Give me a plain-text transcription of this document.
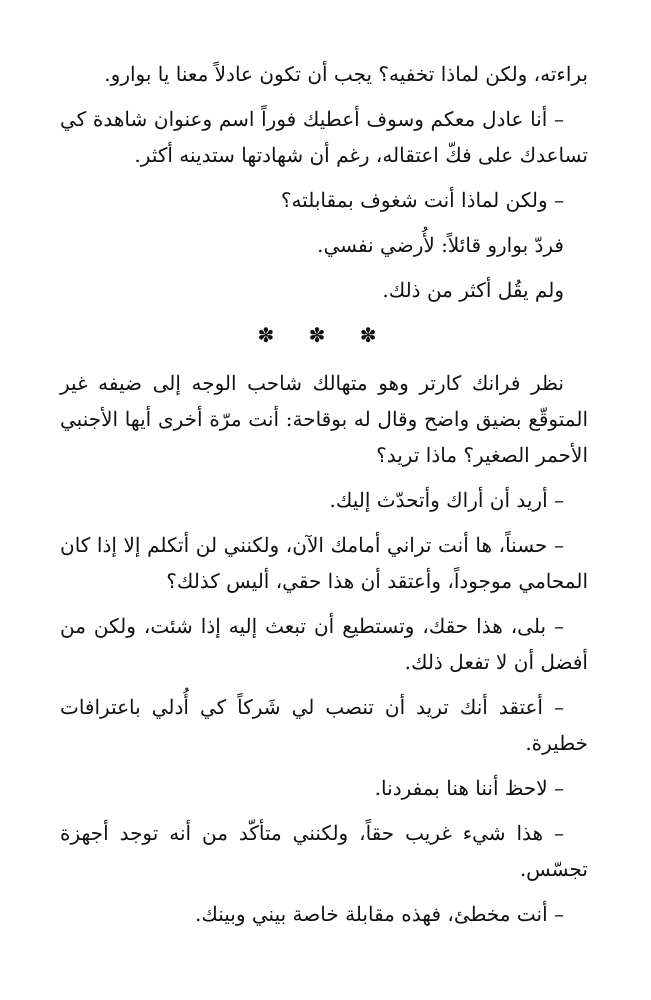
براءته، ولكن لماذا تخفيه؟ يجب أن تكون عادلاً معنا يا بوارو.

– أنا عادل معكم وسوف أعطيك فوراً اسم وعنوان شاهدة كي تساعدك على فكّ اعتقاله، رغم أن شهادتها ستدينه أكثر.

– ولكن لماذا أنت شغوف بمقابلته؟

فردّ بوارو قائلاً: لأُرضي نفسي.

ولم يقُل أكثر من ذلك.

✽ ✽ ✽

نظر فرانك كارتر وهو متهالك شاحب الوجه إلى ضيفه غير المتوقّع بضيق واضح وقال له بوقاحة: أنت مرّة أخرى أيها الأجنبي الأحمر الصغير؟ ماذا تريد؟

– أريد أن أراك وأتحدّث إليك.

– حسناً، ها أنت تراني أمامك الآن، ولكنني لن أتكلم إلا إذا كان المحامي موجوداً، وأعتقد أن هذا حقي، أليس كذلك؟

– بلى، هذا حقك، وتستطيع أن تبعث إليه إذا شئت، ولكن من أفضل أن لا تفعل ذلك.

– أعتقد أنك تريد أن تنصب لي شَركاً كي أُدلي باعترافات خطيرة.

– لاحظ أننا هنا بمفردنا.

– هذا شيء غريب حقاً، ولكنني متأكّد من أنه توجد أجهزة تجسّس.

– أنت مخطئ، فهذه مقابلة خاصة بيني وبينك.
